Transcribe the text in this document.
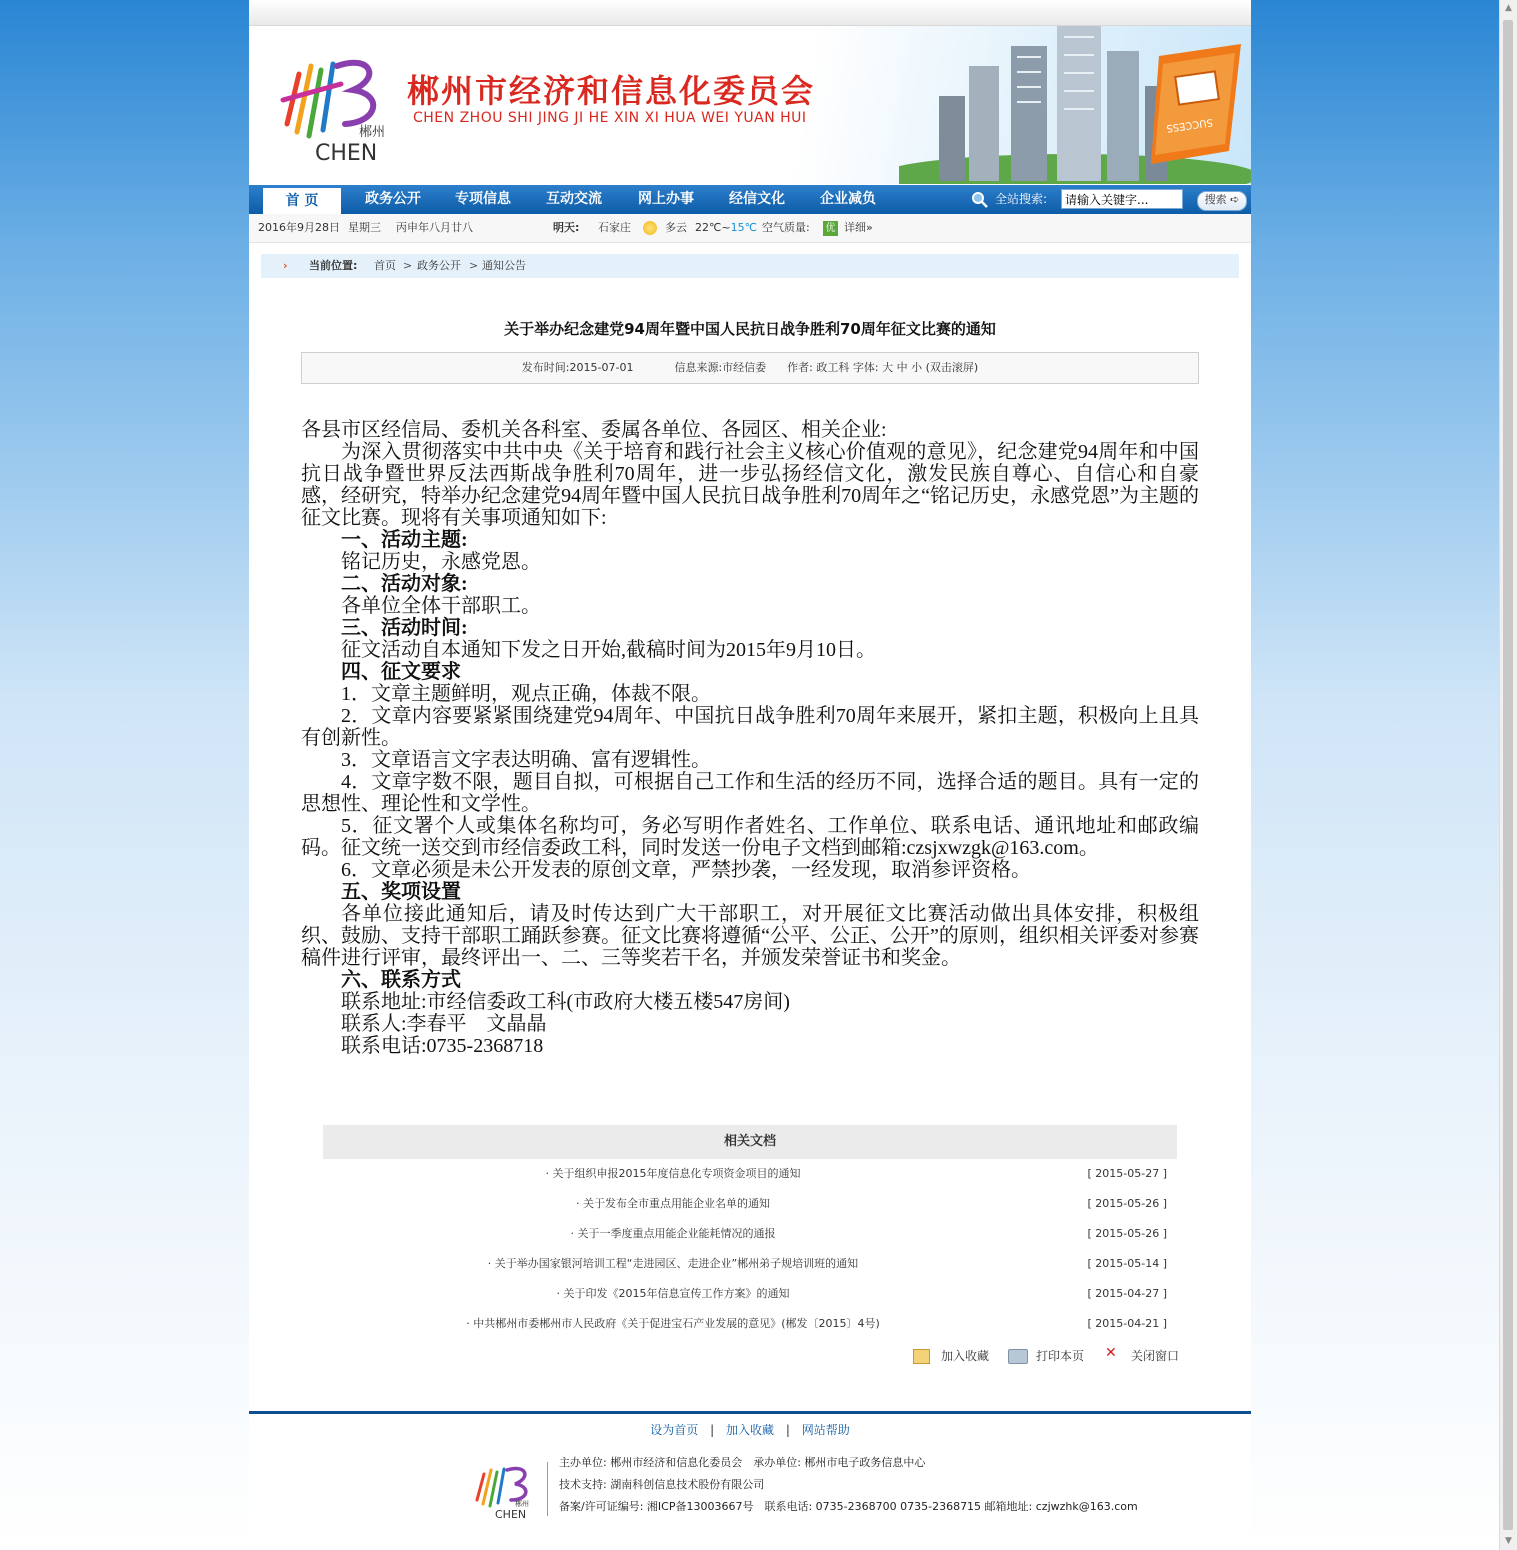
▲
▼
郴州
CHEN
郴州市经济和信息化委员会
CHEN ZHOU SHI JING JI HE XIN XI HUA WEI YUAN HUI	SUCCESS
首 页	政务公开	专项信息	互动交流	网上办事	经信文化	企业减负	全站搜索:
请输入关键字...	搜索 ➪
2016年9月28日 星期三 丙申年八月廿八	明天: 石家庄	多云 22℃~15℃ 空气质量: 优 详细»
› 当前位置: 首页 > 政务公开 > 通知公告
关于举办纪念建党94周年暨中国人民抗日战争胜利70周年征文比赛的通知
发布时间:2015-07-01	信息来源:市经信委 作者: 政工科 字体: 大 中 小 (双击滚屏)

各县市区经信局、委机关各科室、委属各单位、各园区、相关企业:

为深入贯彻落实中共中央《关于培育和践行社会主义核心价值观的意见》，纪念建党94周年和中国抗日战争暨世界反法西斯战争胜利70周年，进一步弘扬经信文化，激发民族自尊心、自信心和自豪感，经研究，特举办纪念建党94周年暨中国人民抗日战争胜利70周年之“铭记历史，永感党恩”为主题的征文比赛。现将有关事项通知如下:

一、活动主题:

铭记历史，永感党恩。

二、活动对象:

各单位全体干部职工。

三、活动时间:

征文活动自本通知下发之日开始,截稿时间为2015年9月10日。

四、征文要求

1．文章主题鲜明，观点正确，体裁不限。

2．文章内容要紧紧围绕建党94周年、中国抗日战争胜利70周年来展开，紧扣主题，积极向上且具有创新性。

3．文章语言文字表达明确、富有逻辑性。

4．文章字数不限，题目自拟，可根据自己工作和生活的经历不同，选择合适的题目。具有一定的思想性、理论性和文学性。

5．征文署个人或集体名称均可，务必写明作者姓名、工作单位、联系电话、通讯地址和邮政编码。征文统一送交到市经信委政工科，同时发送一份电子文档到邮箱:czsjxwzgk@163.com。

6．文章必须是未公开发表的原创文章，严禁抄袭，一经发现，取消参评资格。

五、奖项设置

各单位接此通知后，请及时传达到广大干部职工，对开展征文比赛活动做出具体安排，积极组织、鼓励、支持干部职工踊跃参赛。征文比赛将遵循“公平、公正、公开”的原则，组织相关评委对参赛稿件进行评审，最终评出一、二、三等奖若干名，并颁发荣誉证书和奖金。

六、联系方式

联系地址:市经信委政工科(市政府大楼五楼547房间)

联系人:李春平　文晶晶

联系电话:0735-2368718

相关文档
· 关于组织申报2015年度信息化专项资金项目的通知	[ 2015-05-27 ]
· 关于发布全市重点用能企业名单的通知	[ 2015-05-26 ]
· 关于一季度重点用能企业能耗情况的通报	[ 2015-05-26 ]
· 关于举办国家银河培训工程“走进园区、走进企业”郴州弟子规培训班的通知	[ 2015-05-14 ]
· 关于印发《2015年信息宣传工作方案》的通知	[ 2015-04-27 ]
· 中共郴州市委郴州市人民政府《关于促进宝石产业发展的意见》(郴发〔2015〕4号)	[ 2015-04-21 ]
加入收藏	打印本页 ✕ 关闭窗口
设为首页 | 加入收藏 | 网站帮助
郴州
CHEN
主办单位: 郴州市经济和信息化委员会　承办单位: 郴州市电子政务信息中心
技术支持: 湖南科创信息技术股份有限公司
备案/许可证编号: 湘ICP备13003667号　联系电话: 0735-2368700 0735-2368715 邮箱地址: czjwzhk@163.com
